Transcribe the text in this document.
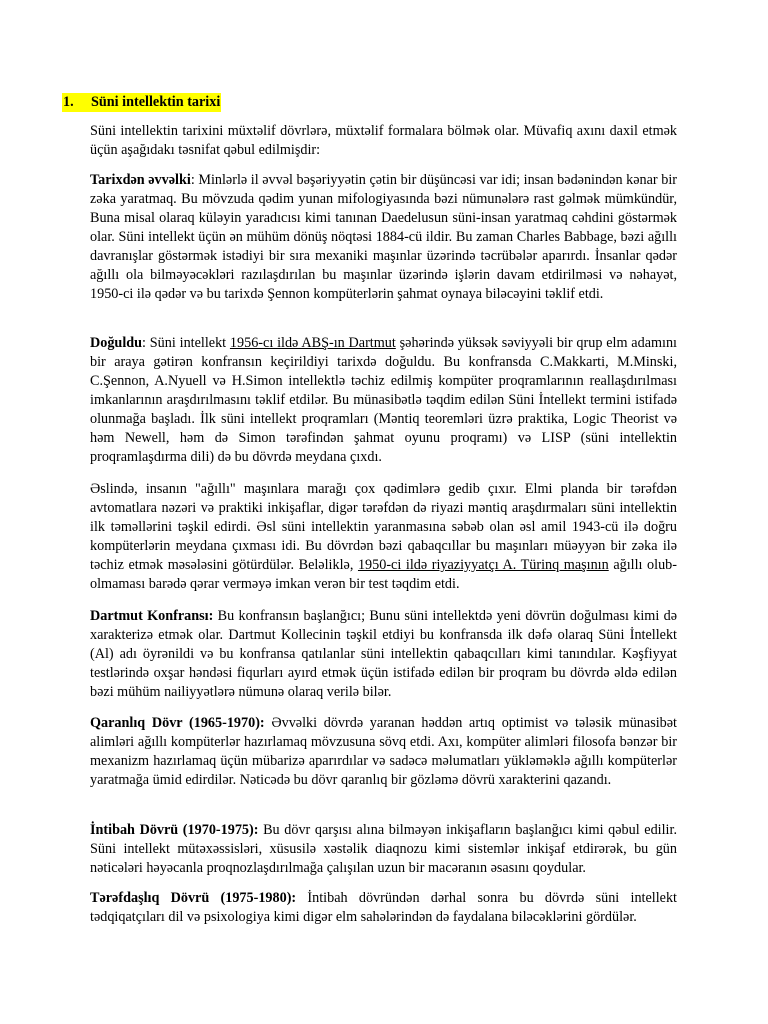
1. Süni intellektin tarixi

Süni intellektin tarixini müxtəlif dövrlərə, müxtəlif formalara bölmək olar. Müvafiq axını daxil etmək üçün aşağıdakı təsnifat qəbul edilmişdir:

Tarixdən əvvəlki: Minlərlə il əvvəl bəşəriyyətin çətin bir düşüncəsi var idi; insan bədənindən kənar bir zəka yaratmaq. Bu mövzuda qədim yunan mifologiyasında bəzi nümunələrə rast gəlmək mümkündür, Buna misal olaraq küləyin yaradıcısı kimi tanınan Daedelusun süni-insan yaratmaq cəhdini göstərmək olar. Süni intellekt üçün ən mühüm dönüş nöqtəsi 1884-cü ildir. Bu zaman Charles Babbage, bəzi ağıllı davranışlar göstərmək istədiyi bir sıra mexaniki maşınlar üzərində təcrübələr aparırdı. İnsanlar qədər ağıllı ola bilməyəcəkləri razılaşdırılan bu maşınlar üzərində işlərin davam etdirilməsi və nəhayət, 1950-ci ilə qədər və bu tarixdə Şennon kompüterlərin şahmat oynaya biləcəyini təklif etdi.

Doğuldu: Süni intellekt 1956-cı ildə ABŞ-ın Dartmut şəhərində yüksək səviyyəli bir qrup elm adamını bir araya gətirən konfransın keçirildiyi tarixdə doğuldu. Bu konfransda C.Makkarti, M.Minski, C.Şennon, A.Nyuell və H.Simon intellektlə təchiz edilmiş kompüter proqramlarının reallaşdırılması imkanlarının araşdırılmasını təklif etdilər. Bu münasibətlə təqdim edilən Süni İntellekt termini istifadə olunmağa başladı. İlk süni intellekt proqramları (Məntiq teoremləri üzrə praktika, Logic Theorist və həm Newell, həm də Simon tərəfindən şahmat oyunu proqramı) və LISP (süni intellektin proqramlaşdırma dili) də bu dövrdə meydana çıxdı.

Əslində, insanın "ağıllı" maşınlara marağı çox qədimlərə gedib çıxır. Elmi planda bir tərəfdən avtomatlara nəzəri və praktiki inkişaflar, digər tərəfdən də riyazi məntiq araşdırmaları süni intellektin ilk təməllərini təşkil edirdi. Əsl süni intellektin yaranmasına səbəb olan əsl amil 1943-cü ilə doğru kompüterlərin meydana çıxması idi. Bu dövrdən bəzi qabaqcıllar bu maşınları müəyyən bir zəka ilə təchiz etmək məsələsini götürdülər. Beləliklə, 1950-ci ildə riyaziyyatçı A. Türinq maşının ağıllı olub-olmaması barədə qərar verməyə imkan verən bir test təqdim etdi.

Dartmut Konfransı: Bu konfransın başlanğıcı; Bunu süni intellektdə yeni dövrün doğulması kimi də xarakterizə etmək olar. Dartmut Kollecinin təşkil etdiyi bu konfransda ilk dəfə olaraq Süni İntellekt (Al) adı öyrənildi və bu konfransa qatılanlar süni intellektin qabaqcılları kimi tanındılar. Kəşfiyyat testlərində oxşar həndəsi fiqurları ayırd etmək üçün istifadə edilən bir proqram bu dövrdə əldə edilən bəzi mühüm nailiyyətlərə nümunə olaraq verilə bilər.

Qaranlıq Dövr (1965-1970): Əvvəlki dövrdə yaranan həddən artıq optimist və tələsik münasibət alimləri ağıllı kompüterlər hazırlamaq mövzusuna sövq etdi. Axı, kompüter alimləri filosofa bənzər bir mexanizm hazırlamaq üçün mübarizə aparırdılar və sadəcə məlumatları yükləməklə ağıllı kompüterlər yaratmağa ümid edirdilər. Nəticədə bu dövr qaranlıq bir gözləmə dövrü xarakterini qazandı.

İntibah Dövrü (1970-1975): Bu dövr qarşısı alına bilməyən inkişafların başlanğıcı kimi qəbul edilir. Süni intellekt mütəxəssisləri, xüsusilə xəstəlik diaqnozu kimi sistemlər inkişaf etdirərək, bu gün nəticələri həyəcanla proqnozlaşdırılmağa çalışılan uzun bir macəranın əsasını qoydular.

Tərəfdaşlıq Dövrü (1975-1980): İntibah dövründən dərhal sonra bu dövrdə süni intellekt tədqiqatçıları dil və psixologiya kimi digər elm sahələrindən də faydalana biləcəklərini gördülər.
